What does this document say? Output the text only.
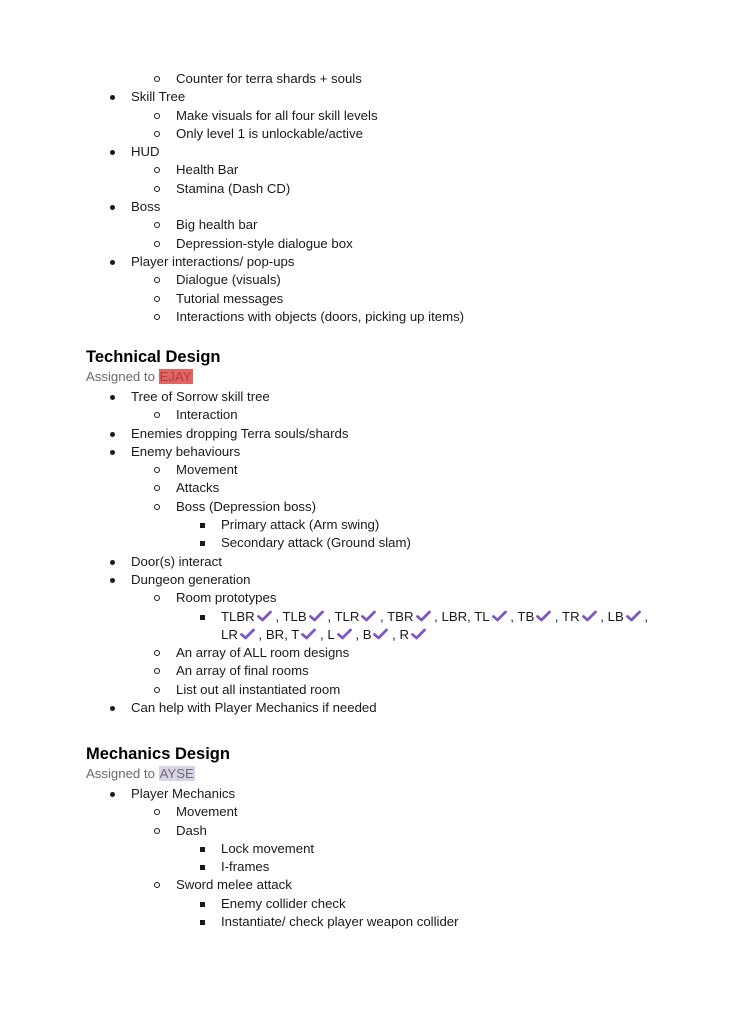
Counter for terra shards + souls
Skill Tree
Make visuals for all four skill levels
Only level 1 is unlockable/active
HUD
Health Bar
Stamina (Dash CD)
Boss
Big health bar
Depression-style dialogue box
Player interactions/ pop-ups
Dialogue (visuals)
Tutorial messages
Interactions with objects (doors, picking up items)
Technical Design
Assigned to EJAY
Tree of Sorrow skill tree
Interaction
Enemies dropping Terra souls/shards
Enemy behaviours
Movement
Attacks
Boss (Depression boss)
Primary attack (Arm swing)
Secondary attack (Ground slam)
Door(s) interact
Dungeon generation
Room prototypes
TLBR , TLB , TLR , TBR , LBR, TL , TB , TR , LB ,
LR , BR, T , L , B , R
An array of ALL room designs
An array of final rooms
List out all instantiated room
Can help with Player Mechanics if needed
Mechanics Design
Assigned to AYSE
Player Mechanics
Movement
Dash
Lock movement
I-frames
Sword melee attack
Enemy collider check
Instantiate/ check player weapon collider
